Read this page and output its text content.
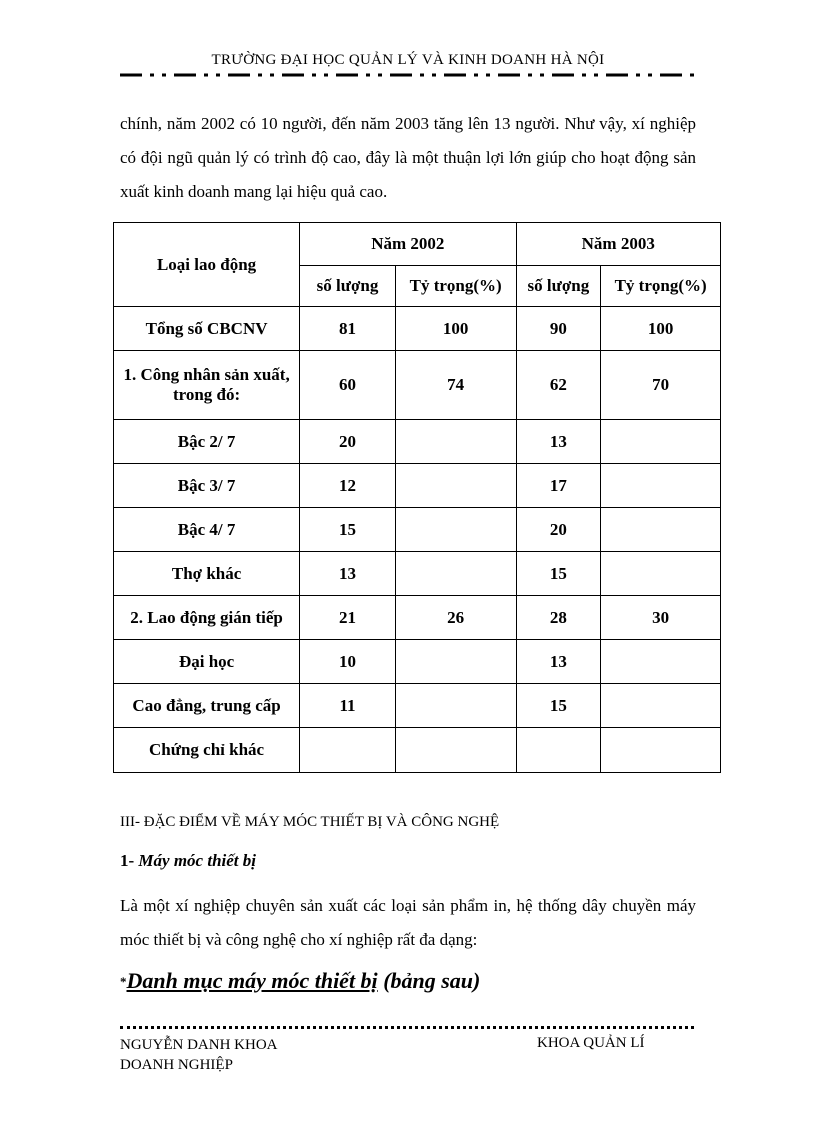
TRƯỜNG ĐẠI HỌC QUẢN LÝ VÀ KINH DOANH HÀ NỘI
chính, năm 2002 có 10 người, đến năm 2003 tăng lên 13 người. Như vậy, xí nghiệp có đội ngũ quản lý có trình độ cao, đây là một thuận lợi lớn giúp cho hoạt động sản xuất kinh doanh mang lại hiệu quả cao.
Loại lao động	Năm 2002		Năm 2003	
	số lượng	Tỷ trọng(%)	số lượng	Tỷ trọng(%)
Tổng số CBCNV	81	100	90	100
1. Công nhân sản xuất, trong đó:	60	74	62	70
Bậc 2/ 7	20		13	
Bậc 3/ 7	12		17	
Bậc 4/ 7	15		20	
Thợ khác	13		15	
2. Lao động gián tiếp	21	26	28	30
Đại học	10		13	
Cao đẳng, trung cấp	11		15	
Chứng chỉ khác				
III- ĐẶC ĐIỂM VỀ MÁY MÓC THIẾT BỊ VÀ CÔNG NGHỆ
1- Máy móc thiết bị
Là một xí nghiệp chuyên sản xuất các loại sản phẩm in, hệ thống dây chuyền máy móc thiết bị và công nghệ cho xí nghiệp rất đa dạng:
*Danh mục máy móc thiết bị (bảng sau)
NGUYỄN DANH KHOA
DOANH NGHIỆP
KHOA QUẢN LÍ
